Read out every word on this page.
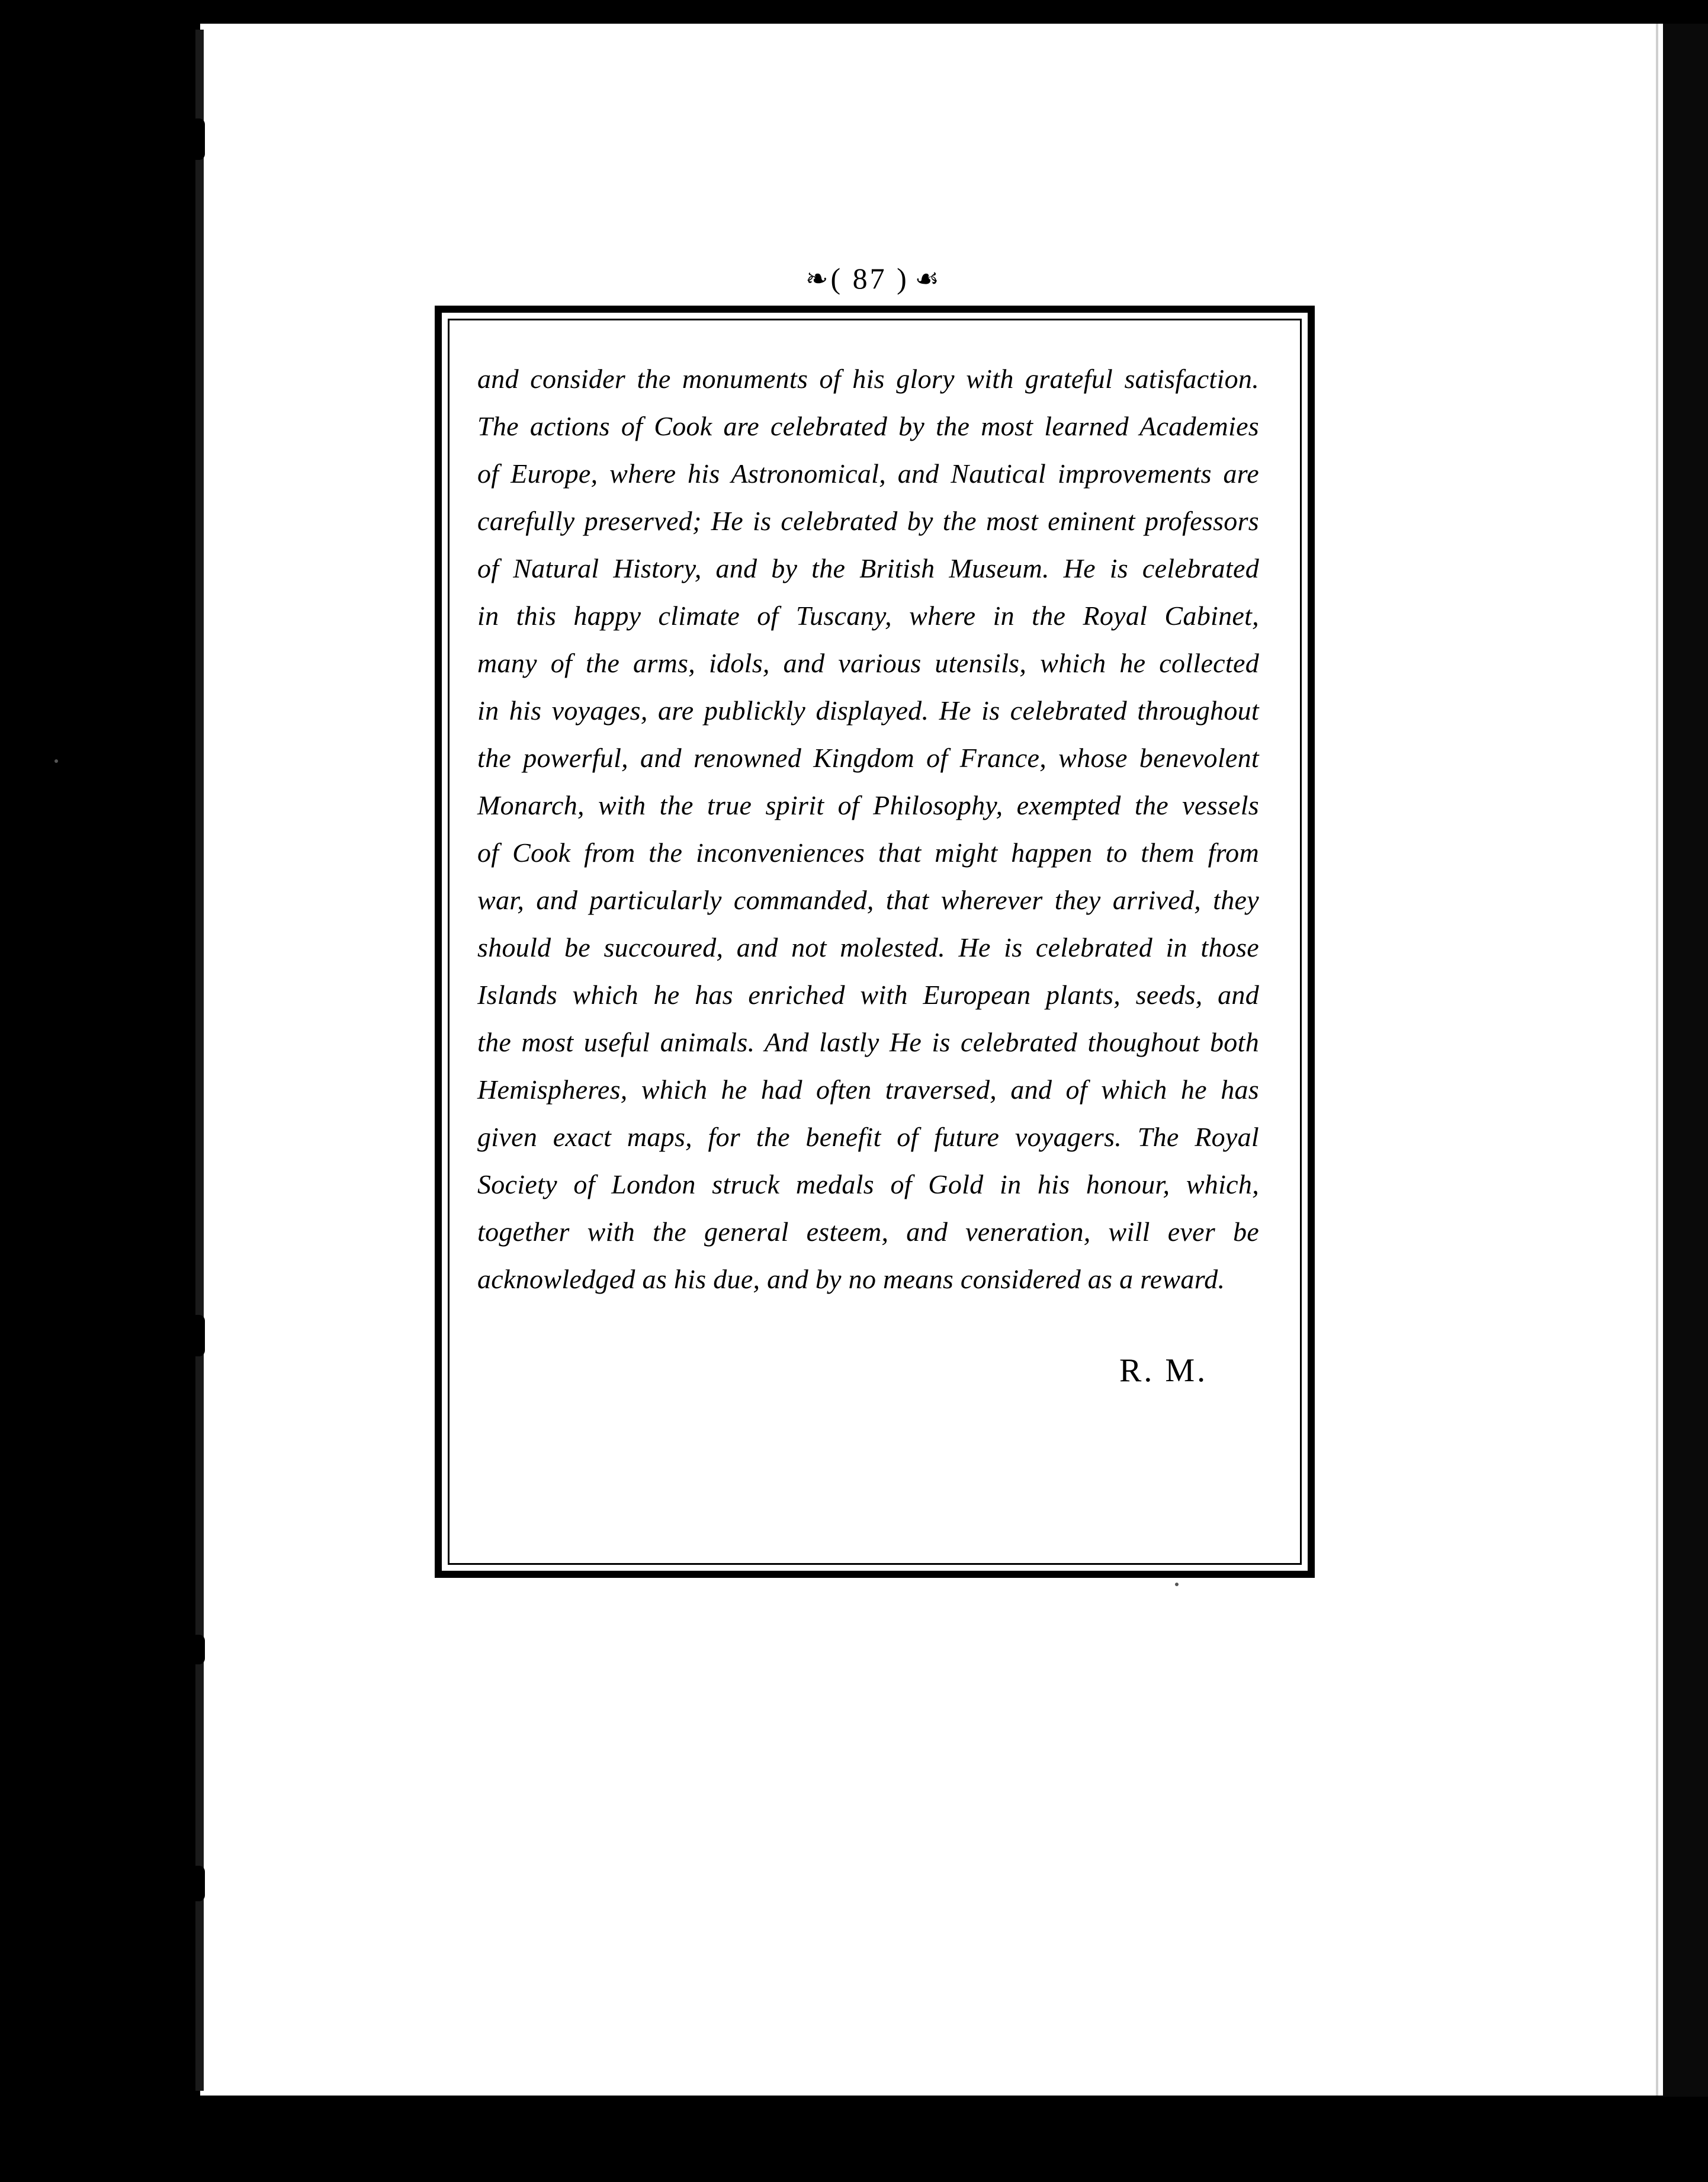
❧ ( 87 ) ☙
and consider the monuments of his glory with grateful satisfaction.
The actions of Cook are celebrated by the most learned Academies
of Europe, where his Astronomical, and Nautical improvements are
carefully preserved; He is celebrated by the most eminent professors
of Natural History, and by the British Museum. He is celebrated
in this happy climate of Tuscany, where in the Royal Cabinet,
many of the arms, idols, and various utensils, which he collected
in his voyages, are publickly displayed. He is celebrated throughout
the powerful, and renowned Kingdom of France, whose benevolent
Monarch, with the true spirit of Philosophy, exempted the vessels
of Cook from the inconveniences that might happen to them from
war, and particularly commanded, that wherever they arrived, they
should be succoured, and not molested. He is celebrated in those
Islands which he has enriched with European plants, seeds, and
the most useful animals. And lastly He is celebrated thoughout both
Hemispheres, which he had often traversed, and of which he has
given exact maps, for the benefit of future voyagers. The Royal
Society of London struck medals of Gold in his honour, which,
together with the general esteem, and veneration, will ever be
acknowledged as his due, and by no means considered as a reward.
R. M.
